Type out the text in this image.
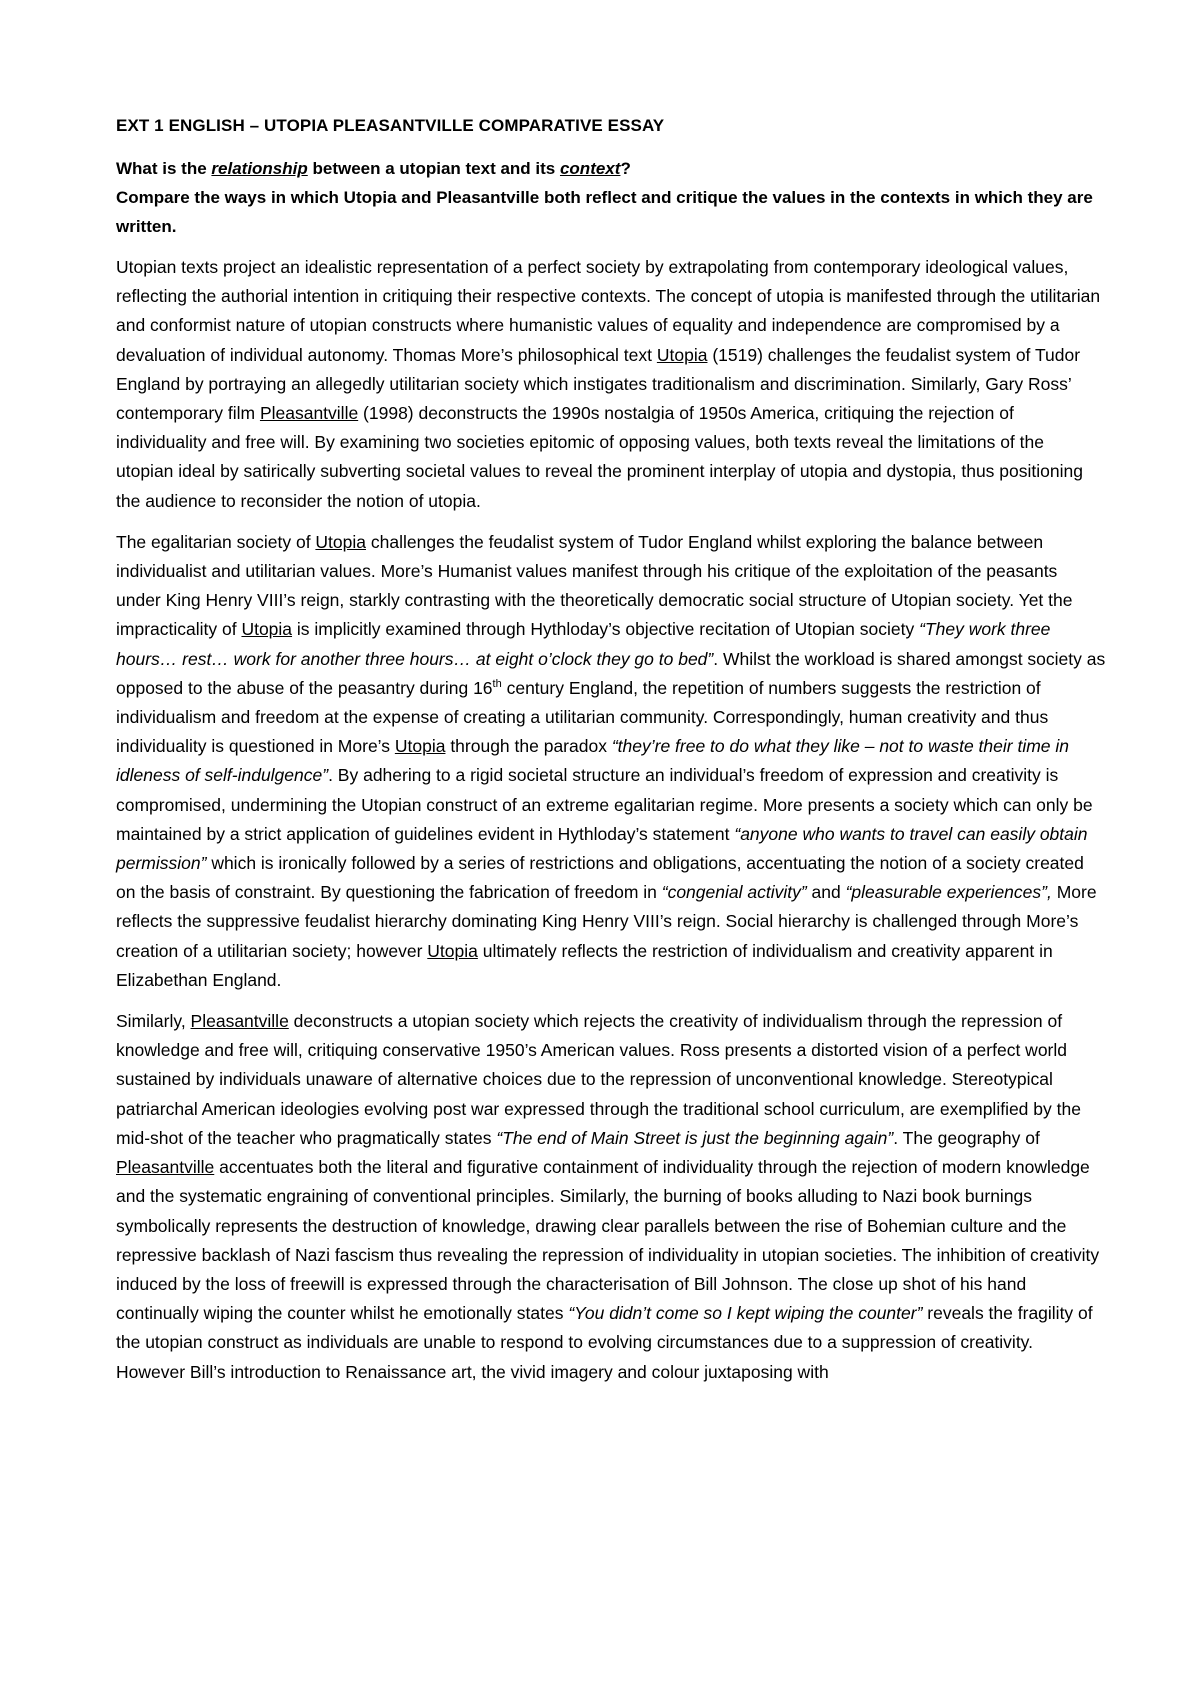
EXT 1 ENGLISH – UTOPIA PLEASANTVILLE COMPARATIVE ESSAY
What is the relationship between a utopian text and its context?
Compare the ways in which Utopia and Pleasantville both reflect and critique the values in the contexts in which they are written.

Utopian texts project an idealistic representation of a perfect society by extrapolating from contemporary ideological values, reflecting the authorial intention in critiquing their respective contexts. The concept of utopia is manifested through the utilitarian and conformist nature of utopian constructs where humanistic values of equality and independence are compromised by a devaluation of individual autonomy. Thomas More’s philosophical text Utopia (1519) challenges the feudalist system of Tudor England by portraying an allegedly utilitarian society which instigates traditionalism and discrimination. Similarly, Gary Ross’ contemporary film Pleasantville (1998) deconstructs the 1990s nostalgia of 1950s America, critiquing the rejection of individuality and free will. By examining two societies epitomic of opposing values, both texts reveal the limitations of the utopian ideal by satirically subverting societal values to reveal the prominent interplay of utopia and dystopia, thus positioning the audience to reconsider the notion of utopia.

The egalitarian society of Utopia challenges the feudalist system of Tudor England whilst exploring the balance between individualist and utilitarian values. More’s Humanist values manifest through his critique of the exploitation of the peasants under King Henry VIII’s reign, starkly contrasting with the theoretically democratic social structure of Utopian society. Yet the impracticality of Utopia is implicitly examined through Hythloday’s objective recitation of Utopian society “They work three hours… rest… work for another three hours… at eight o’clock they go to bed”. Whilst the workload is shared amongst society as opposed to the abuse of the peasantry during 16th century England, the repetition of numbers suggests the restriction of individualism and freedom at the expense of creating a utilitarian community. Correspondingly, human creativity and thus individuality is questioned in More’s Utopia through the paradox “they’re free to do what they like – not to waste their time in idleness of self-indulgence”. By adhering to a rigid societal structure an individual’s freedom of expression and creativity is compromised, undermining the Utopian construct of an extreme egalitarian regime. More presents a society which can only be maintained by a strict application of guidelines evident in Hythloday’s statement “anyone who wants to travel can easily obtain permission” which is ironically followed by a series of restrictions and obligations, accentuating the notion of a society created on the basis of constraint. By questioning the fabrication of freedom in “congenial activity” and “pleasurable experiences”, More reflects the suppressive feudalist hierarchy dominating King Henry VIII’s reign. Social hierarchy is challenged through More’s creation of a utilitarian society; however Utopia ultimately reflects the restriction of individualism and creativity apparent in Elizabethan England.

Similarly, Pleasantville deconstructs a utopian society which rejects the creativity of individualism through the repression of knowledge and free will, critiquing conservative 1950’s American values. Ross presents a distorted vision of a perfect world sustained by individuals unaware of alternative choices due to the repression of unconventional knowledge. Stereotypical patriarchal American ideologies evolving post war expressed through the traditional school curriculum, are exemplified by the mid-shot of the teacher who pragmatically states “The end of Main Street is just the beginning again”. The geography of Pleasantville accentuates both the literal and figurative containment of individuality through the rejection of modern knowledge and the systematic engraining of conventional principles. Similarly, the burning of books alluding to Nazi book burnings symbolically represents the destruction of knowledge, drawing clear parallels between the rise of Bohemian culture and the repressive backlash of Nazi fascism thus revealing the repression of individuality in utopian societies. The inhibition of creativity induced by the loss of freewill is expressed through the characterisation of Bill Johnson. The close up shot of his hand continually wiping the counter whilst he emotionally states “You didn’t come so I kept wiping the counter” reveals the fragility of the utopian construct as individuals are unable to respond to evolving circumstances due to a suppression of creativity. However Bill’s introduction to Renaissance art, the vivid imagery and colour juxtaposing with
